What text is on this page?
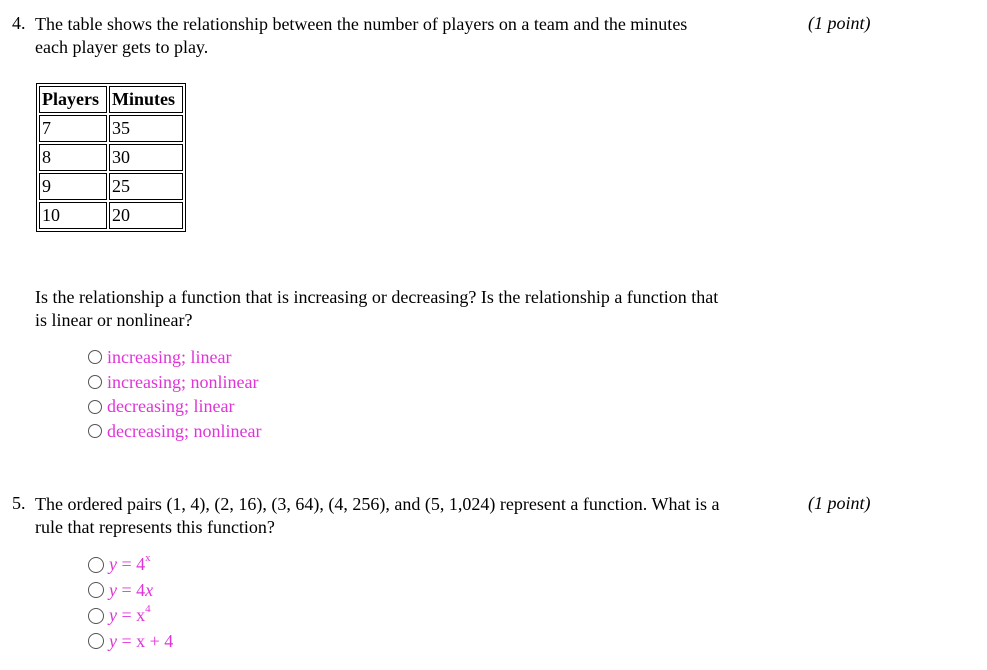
4. The table shows the relationship between the number of players on a team and the minutes
each player gets to play.
(1 point)
Players	Minutes
7	35
8	30
9	25
10	20
Is the relationship a function that is increasing or decreasing? Is the relationship a function that
is linear or nonlinear?
increasing; linear
increasing; nonlinear
decreasing; linear
decreasing; nonlinear
5. The ordered pairs (1, 4), (2, 16), (3, 64), (4, 256), and (5, 1,024) represent a function. What is a
rule that represents this function?
(1 point)
$y = 4^x$
y = 4x
$y = x^4$
y = x + 4
